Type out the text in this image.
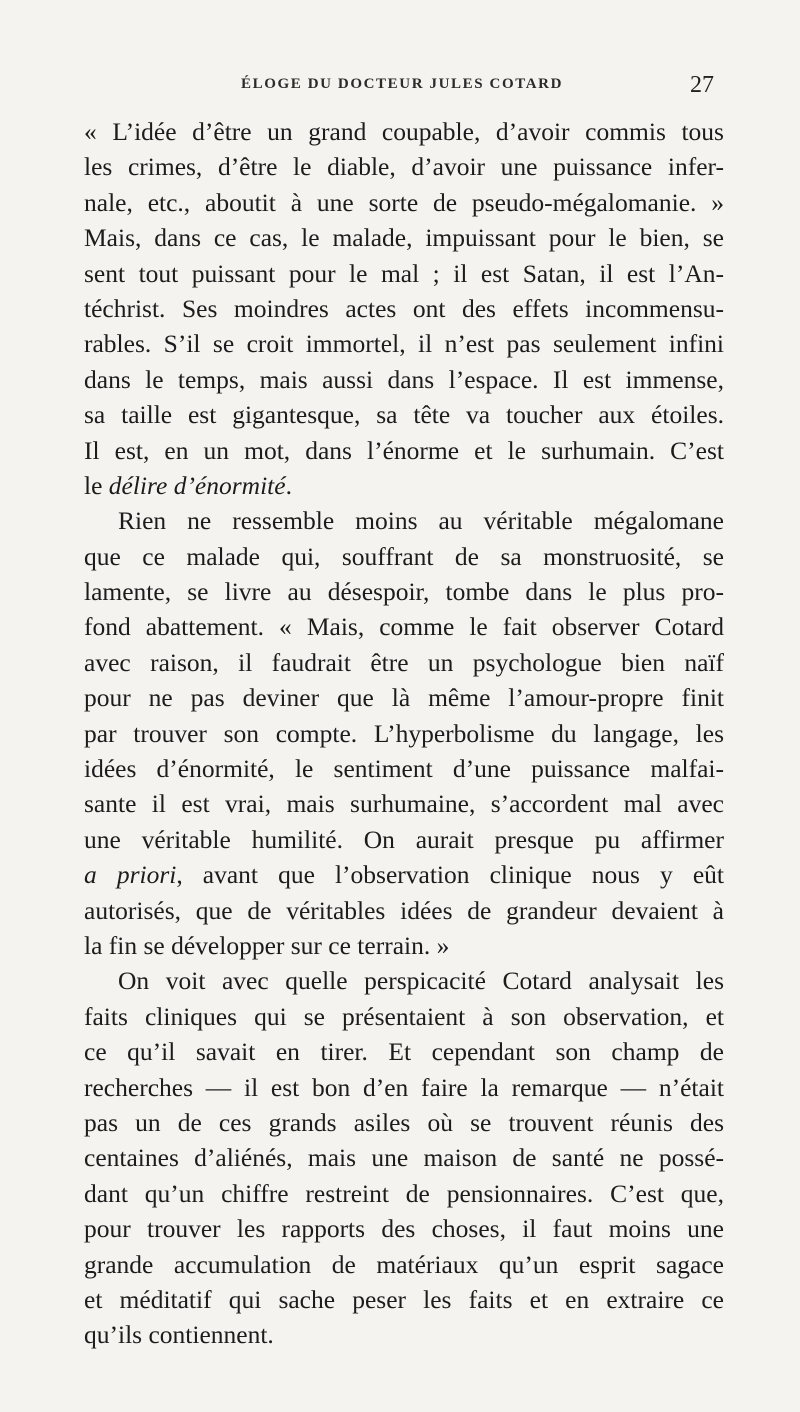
ÉLOGE DU DOCTEUR JULES COTARD	27
« L’idée d’être un grand coupable, d’avoir commis tous
les crimes, d’être le diable, d’avoir une puissance infer-
nale, etc., aboutit à une sorte de pseudo-mégalomanie. »
Mais, dans ce cas, le malade, impuissant pour le bien, se
sent tout puissant pour le mal ; il est Satan, il est l’An-
téchrist. Ses moindres actes ont des effets incommensu-
rables. S’il se croit immortel, il n’est pas seulement infini
dans le temps, mais aussi dans l’espace. Il est immense,
sa taille est gigantesque, sa tête va toucher aux étoiles.
Il est, en un mot, dans l’énorme et le surhumain. C’est
le délire d’énormité.
Rien ne ressemble moins au véritable mégalomane
que ce malade qui, souffrant de sa monstruosité, se
lamente, se livre au désespoir, tombe dans le plus pro-
fond abattement. « Mais, comme le fait observer Cotard
avec raison, il faudrait être un psychologue bien naïf
pour ne pas deviner que là même l’amour-propre finit
par trouver son compte. L’hyperbolisme du langage, les
idées d’énormité, le sentiment d’une puissance malfai-
sante il est vrai, mais surhumaine, s’accordent mal avec
une véritable humilité. On aurait presque pu affirmer
a priori, avant que l’observation clinique nous y eût
autorisés, que de véritables idées de grandeur devaient à
la fin se développer sur ce terrain. »
On voit avec quelle perspicacité Cotard analysait les
faits cliniques qui se présentaient à son observation, et
ce qu’il savait en tirer. Et cependant son champ de
recherches — il est bon d’en faire la remarque — n’était
pas un de ces grands asiles où se trouvent réunis des
centaines d’aliénés, mais une maison de santé ne possé-
dant qu’un chiffre restreint de pensionnaires. C’est que,
pour trouver les rapports des choses, il faut moins une
grande accumulation de matériaux qu’un esprit sagace
et méditatif qui sache peser les faits et en extraire ce
qu’ils contiennent.
